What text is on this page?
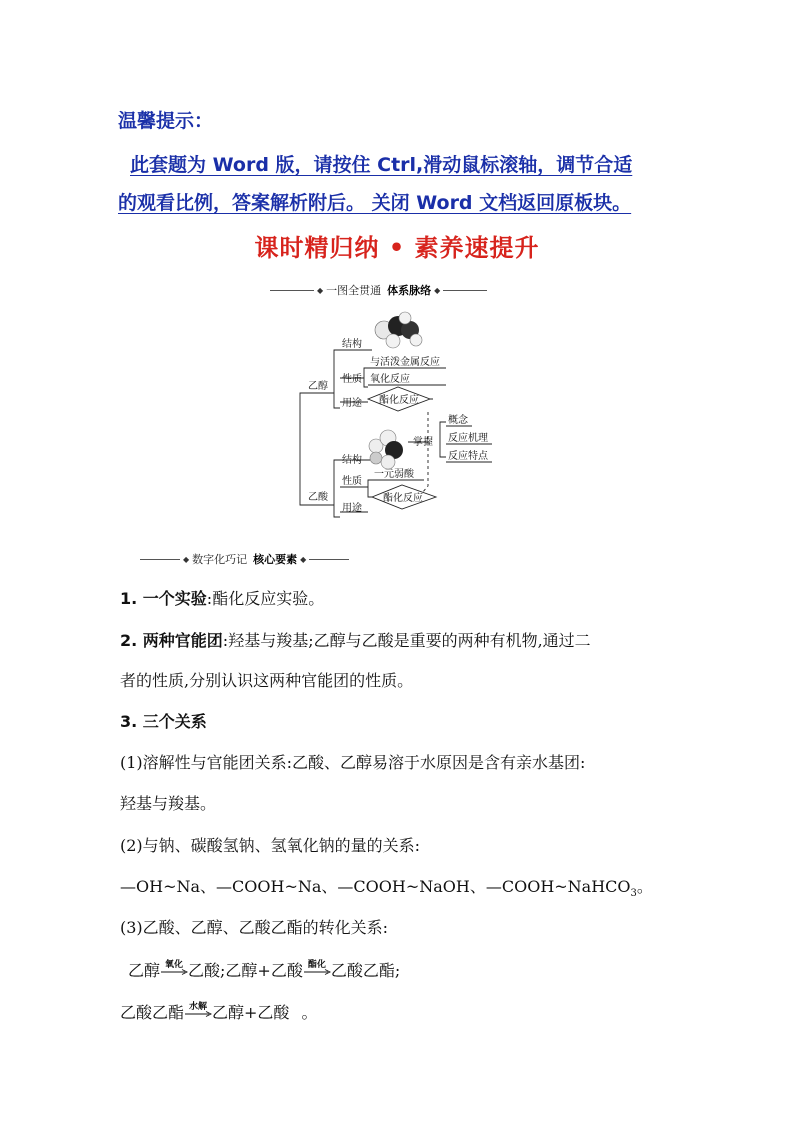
温馨提示：
此套题为 Word 版，请按住 Ctrl,滑动鼠标滚轴，调节合适
的观看比例，答案解析附后。 关闭 Word 文档返回原板块。
课时精归纳 • 素养速提升
◆ 一图全贯通 体系脉络 ◆
乙醇
结构
性质
用途
与活泼金属反应
氧化反应
酯化反应
掌握
概念
反应机理
反应特点
结构
性质
用途
乙酸
一元弱酸
酯化反应
◆ 数字化巧记 核心要素 ◆
1. 一个实验:酯化反应实验。
2. 两种官能团:羟基与羧基;乙醇与乙酸是重要的两种有机物,通过二
者的性质,分别认识这两种官能团的性质。
3. 三个关系
(1)溶解性与官能团关系:乙酸、乙醇易溶于水原因是含有亲水基团:
羟基与羧基。
(2)与钠、碳酸氢钠、氢氧化钠的量的关系:
—OH~Na、—COOH~Na、—COOH~NaOH、—COOH~NaHCO$_3$。
(3)乙酸、乙醇、乙酸乙酯的转化关系:
乙醇 氧化 乙酸;乙醇+乙酸 酯化 乙酸乙酯;
乙酸乙酯 水解 乙醇+乙酸 。
